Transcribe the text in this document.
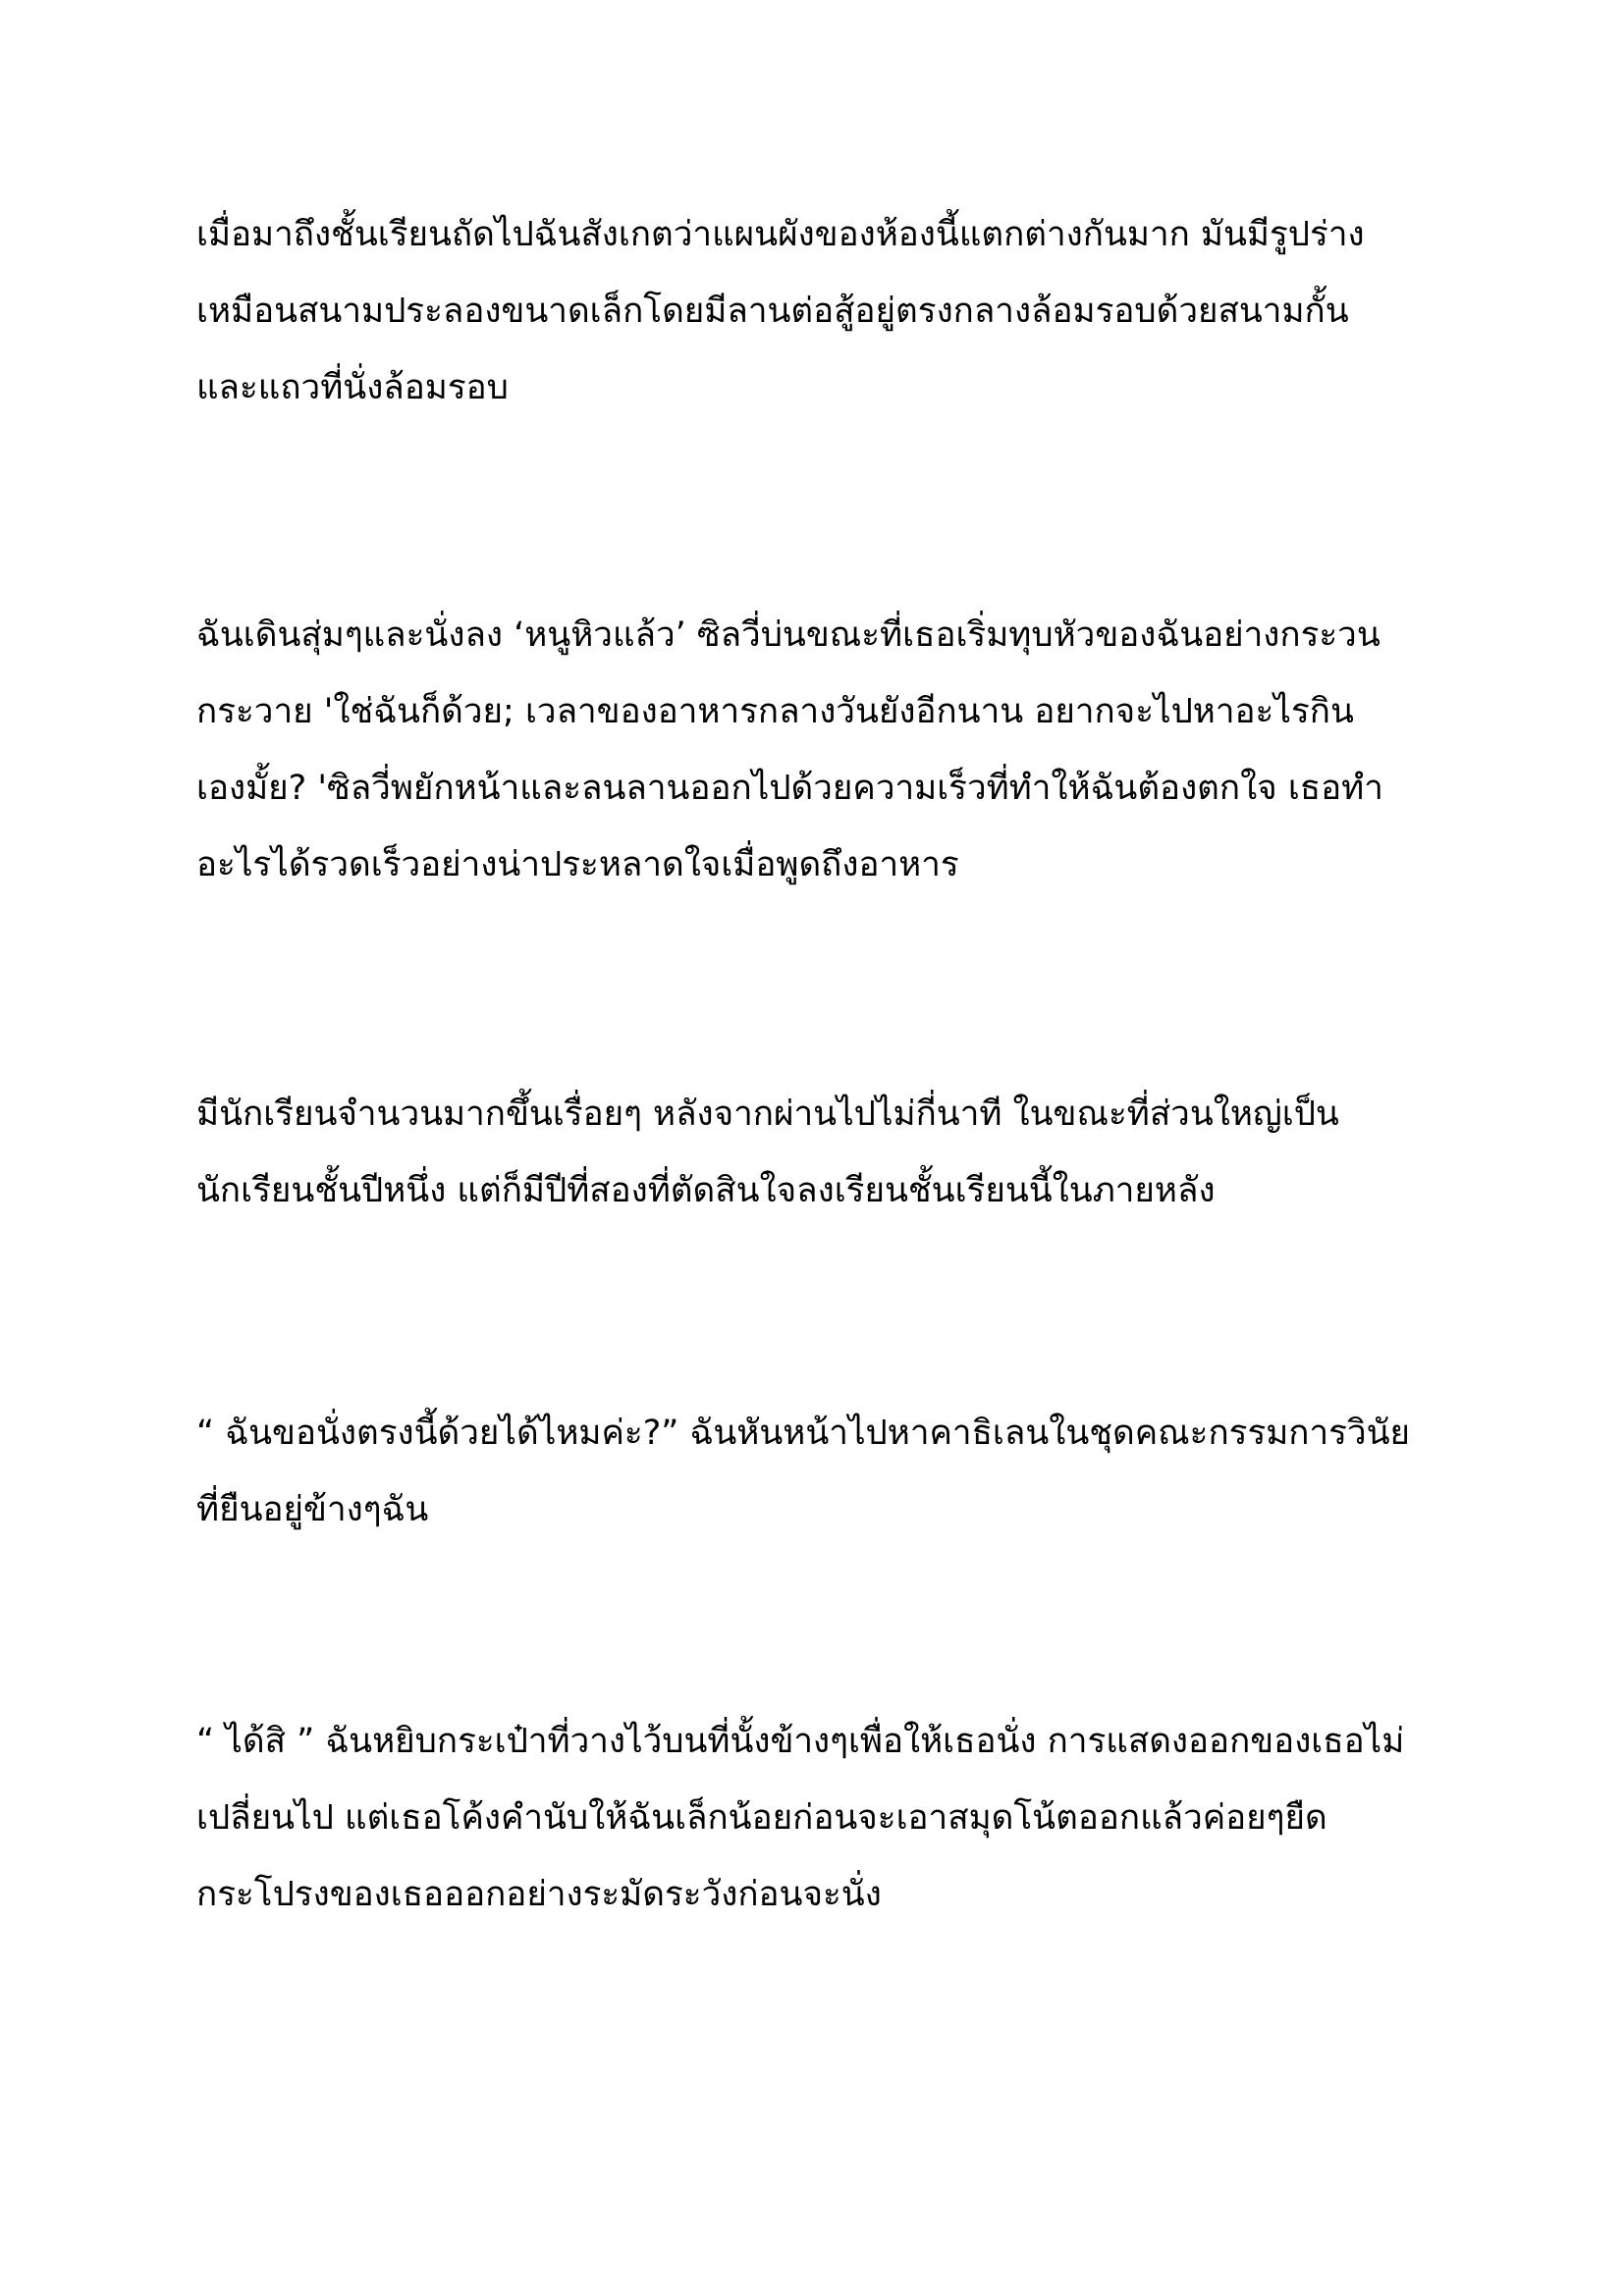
เมื่อมาถึงชั้นเรียนถัดไปฉันสังเกตว่าแผนผังของห้องนี้แตกต่างกันมาก มันมีรูปร่าง
เหมือนสนามประลองขนาดเล็กโดยมีลานต่อสู้อยู่ตรงกลางล้อมรอบด้วยสนามกั้น
และแถวที่นั่งล้อมรอบ

ฉันเดินสุ่มๆและนั่งลง ‘หนูหิวแล้ว’ ซิลวี่บ่นขณะที่เธอเริ่มทุบหัวของฉันอย่างกระวน
กระวาย 'ใช่ฉันก็ด้วย; เวลาของอาหารกลางวันยังอีกนาน อยากจะไปหาอะไรกิน
เองมั้ย? 'ซิลวี่พยักหน้าและลนลานออกไปด้วยความเร็วที่ทำให้ฉันต้องตกใจ เธอทำ
อะไรได้รวดเร็วอย่างน่าประหลาดใจเมื่อพูดถึงอาหาร

มีนักเรียนจำนวนมากขึ้นเรื่อยๆ หลังจากผ่านไปไม่กี่นาที ในขณะที่ส่วนใหญ่เป็น
นักเรียนชั้นปีหนึ่ง แต่ก็มีปีที่สองที่ตัดสินใจลงเรียนชั้นเรียนนี้ในภายหลัง

“ ฉันขอนั่งตรงนี้ด้วยได้ไหมค่ะ?” ฉันหันหน้าไปหาคาธิเลนในชุดคณะกรรมการวินัย
ที่ยืนอยู่ข้างๆฉัน

“ ได้สิ ” ฉันหยิบกระเป๋าที่วางไว้บนที่นั้งข้างๆเพื่อให้เธอนั่ง การแสดงออกของเธอไม่
เปลี่ยนไป แต่เธอโค้งคำนับให้ฉันเล็กน้อยก่อนจะเอาสมุดโน้ตออกแล้วค่อยๆยืด
กระโปรงของเธอออกอย่างระมัดระวังก่อนจะนั่ง
